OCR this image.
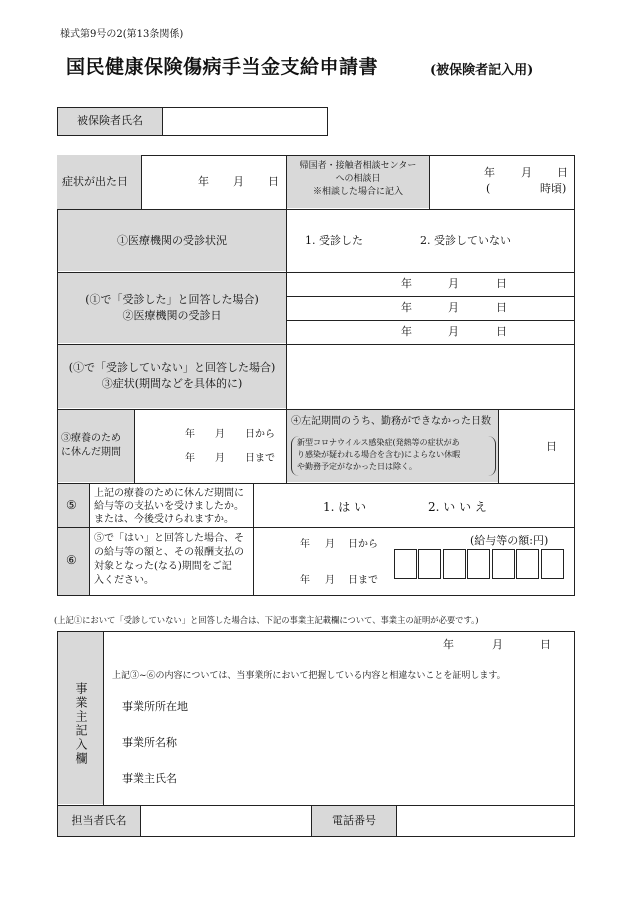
様式第9号の2(第13条関係)
国民健康保険傷病手当金支給申請書	(被保険者記入用)
被保険者氏名
症状が出た日	年 月 日
帰国者・接触者相談センター
への相談日
※相談した場合に記入
年 月 日
(	時頃)
①医療機関の受診状況	1. 受診した	2. 受診していない
(①で「受診した」と回答した場合)
②医療機関の受診日
年	月	日
年	月	日
年	月	日
(①で「受診していない」と回答した場合)
③症状(期間などを具体的に)
③療養のため
に休んだ期間
年 月 日から
年 月 日まで
④左記期間のうち、勤務ができなかった日数
新型コロナウイルス感染症(発熱等の症状があ
り感染が疑われる場合を含む)によらない休暇
や勤務予定がなかった日は除く。
日
⑤
上記の療養のために休んだ期間に
給与等の支払いを受けましたか。
または、今後受けられますか。
1. は い	2. い い え
⑥
⑤で「はい」と回答した場合、そ
の給与等の額と、その報酬支払の
対象となった(なる)期間をご記
入ください。
年 月 日から
年 月 日まで
(給与等の額:円)
(上記①において「受診していない」と回答した場合は、下記の事業主記載欄について、事業主の証明が必要です。)
事業主記入欄
年	月	日
上記③~⑥の内容については、当事業所において把握している内容と相違ないことを証明します。
事業所所在地
事業所名称
事業主氏名
担当者氏名	電話番号
